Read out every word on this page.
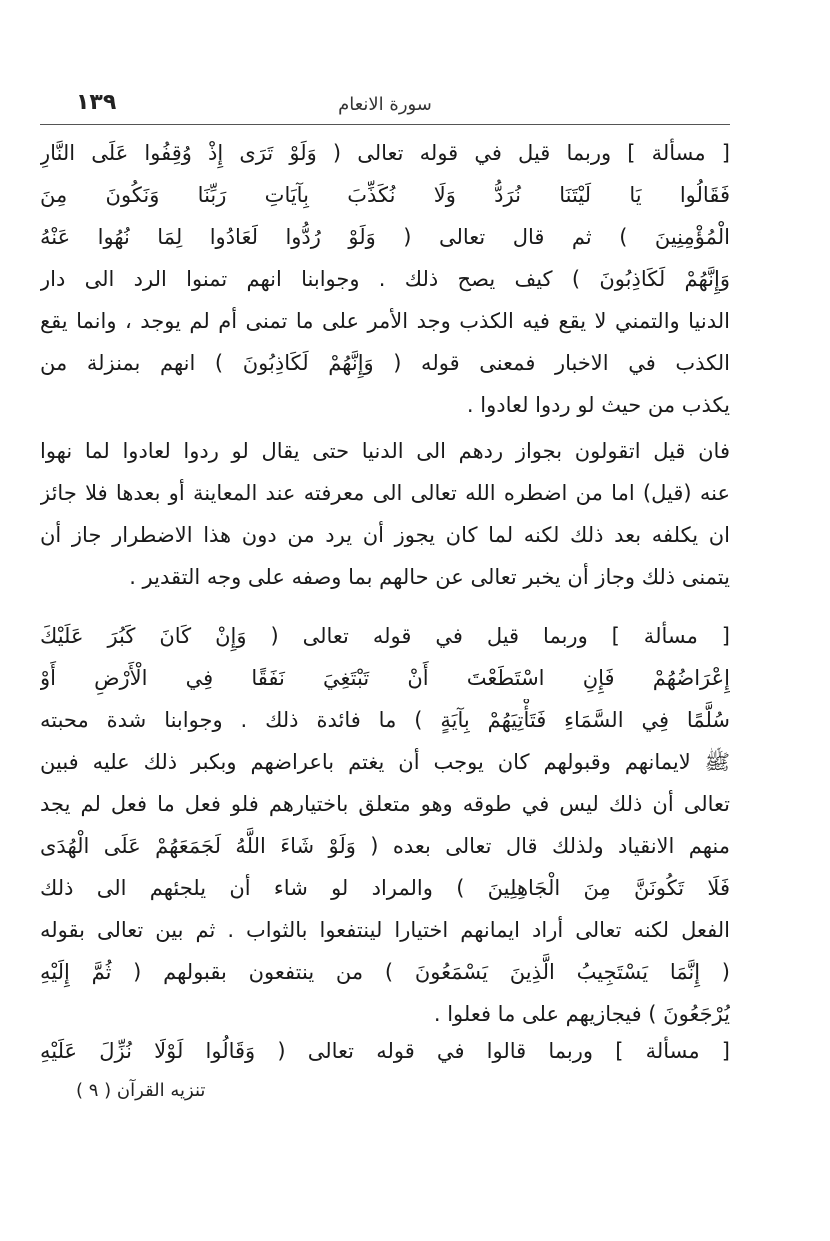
سورة الانعام
١٣٩
[ مسألة ] وربما قيل في قوله تعالى ( وَلَوْ تَرَى إِذْ وُقِفُوا عَلَى النَّارِ
فَقَالُوا يَا لَيْتَنَا نُرَدُّ وَلَا نُكَذِّبَ بِآيَاتِ رَبِّنَا وَنَكُونَ مِنَ
الْمُؤْمِنِينَ ) ثم قال تعالى ( وَلَوْ رُدُّوا لَعَادُوا لِمَا نُهُوا عَنْهُ
وَإِنَّهُمْ لَكَاذِبُونَ ) كيف يصح ذلك . وجوابنا انهم تمنوا الرد الى دار
الدنيا والتمني لا يقع فيه الكذب وجد الأمر على ما تمنى أم لم يوجد ، وانما يقع
الكذب في الاخبار فمعنى قوله ( وَإِنَّهُمْ لَكَاذِبُونَ ) انهم بمنزلة من
يكذب من حيث لو ردوا لعادوا .
فان قيل اتقولون بجواز ردهم الى الدنيا حتى يقال لو ردوا لعادوا لما نهوا
عنه (قيل) اما من اضطره الله تعالى الى معرفته عند المعاينة أو بعدها فلا جائز
ان يكلفه بعد ذلك لكنه لما كان يجوز أن يرد من دون هذا الاضطرار جاز أن
يتمنى ذلك وجاز أن يخبر تعالى عن حالهم بما وصفه على وجه التقدير .
[ مسألة ] وربما قيل في قوله تعالى ( وَإِنْ كَانَ كَبُرَ عَلَيْكَ
إِعْرَاضُهُمْ فَإِنِ اسْتَطَعْتَ أَنْ تَبْتَغِيَ نَفَقًا فِي الْأَرْضِ أَوْ
سُلَّمًا فِي السَّمَاءِ فَتَأْتِيَهُمْ بِآيَةٍ ) ما فائدة ذلك . وجوابنا شدة محبته
ﷺ لايمانهم وقبولهم كان يوجب أن يغتم باعراضهم وبكبر ذلك عليه فبين
تعالى أن ذلك ليس في طوقه وهو متعلق باختيارهم فلو فعل ما فعل لم يجد
منهم الانقياد ولذلك قال تعالى بعده ( وَلَوْ شَاءَ اللَّهُ لَجَمَعَهُمْ عَلَى الْهُدَى
فَلَا تَكُونَنَّ مِنَ الْجَاهِلِينَ ) والمراد لو شاء أن يلجئهم الى ذلك
الفعل لكنه تعالى أراد ايمانهم اختيارا لينتفعوا بالثواب . ثم بين تعالى بقوله
( إِنَّمَا يَسْتَجِيبُ الَّذِينَ يَسْمَعُونَ ) من ينتفعون بقبولهم ( ثُمَّ إِلَيْهِ
يُرْجَعُونَ ) فيجازيهم على ما فعلوا .
[ مسألة ] وربما قالوا في قوله تعالى ( وَقَالُوا لَوْلَا نُزِّلَ عَلَيْهِ
تنزيه القرآن ( ٩ )
